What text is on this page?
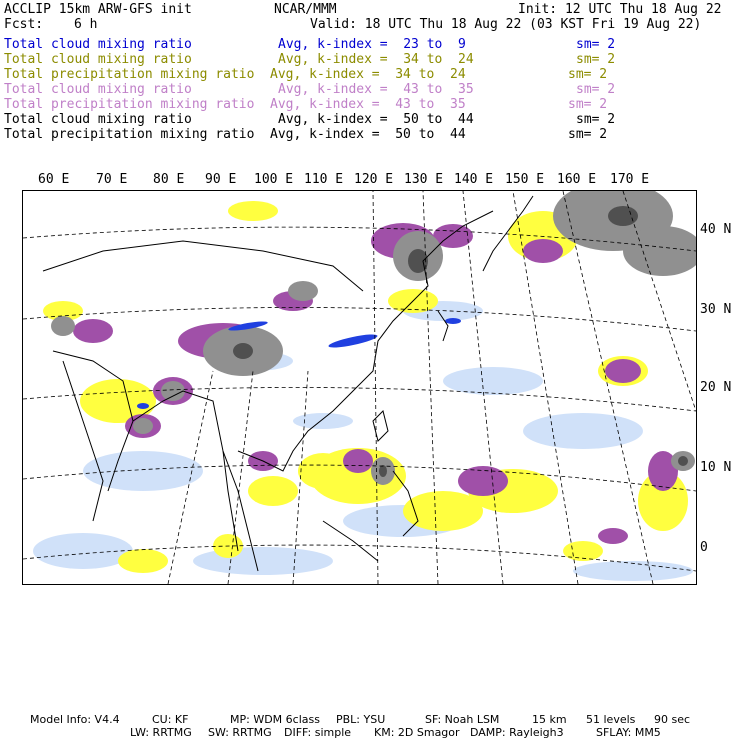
ACCLIP 15km ARW-GFS init	NCAR/MMM	Init: 12 UTC Thu 18 Aug 22
Fcst: 6 h	Valid: 18 UTC Thu 18 Aug 22 (03 KST Fri 19 Aug 22)
Total cloud mixing ratio	Avg, k-index =  23 to  9	sm= 2
Total cloud mixing ratio	Avg, k-index =  34 to  24	sm= 2
Total precipitation mixing ratio Avg, k-index =  34 to  24	sm= 2
Total cloud mixing ratio	Avg, k-index =  43 to  35	sm= 2
Total precipitation mixing ratio Avg, k-index =  43 to  35	sm= 2
Total cloud mixing ratio	Avg, k-index =  50 to  44	sm= 2
Total precipitation mixing ratio Avg, k-index =  50 to  44	sm= 2
60 E 70 E 80 E 90 E 100 E 110 E 120 E 130 E 140 E 150 E 160 E 170 E
40 N
30 N
20 N
10 N
0
Model Info: V4.4	CU: KF	MP: WDM 6class PBL: YSU	SF: Noah LSM	15 km 51 levels 90 sec
LW: RRTMG SW: RRTMG DIFF: simple KM: 2D Smagor DAMP: Rayleigh3	SFLAY: MM5
